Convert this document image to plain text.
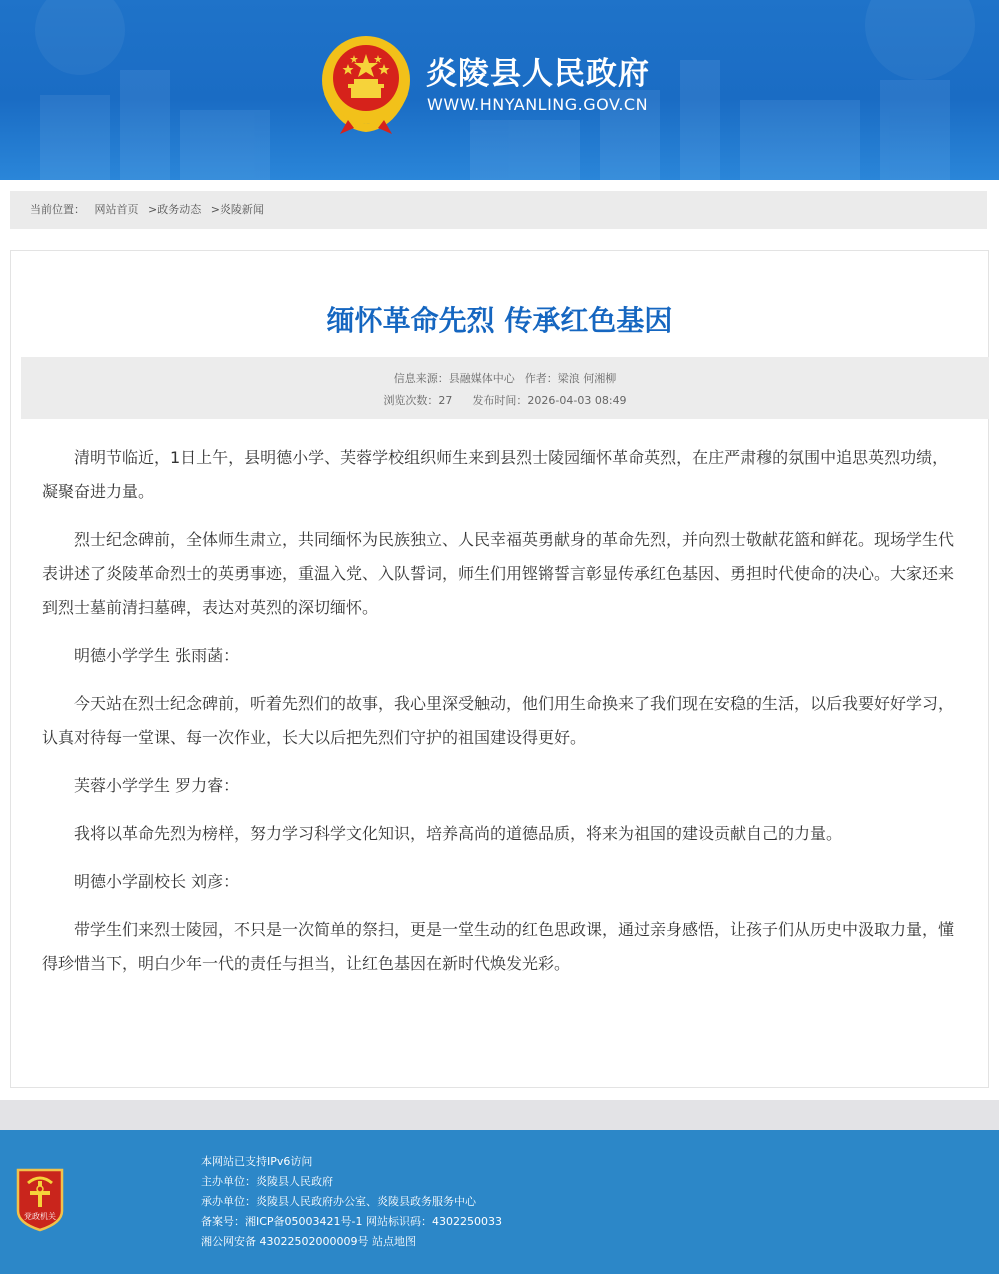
炎陵县人民政府
WWW.HNYANLING.GOV.CN
当前位置： 网站首页 >政务动态 >炎陵新闻
缅怀革命先烈 传承红色基因
信息来源：县融媒体中心 作者：梁浪 何湘柳
浏览次数：27 发布时间：2026-04-03 08:49

清明节临近，1日上午，县明德小学、芙蓉学校组织师生来到县烈士陵园缅怀革命英烈，在庄严肃穆的氛围中追思英烈功绩，凝聚奋进力量。

烈士纪念碑前，全体师生肃立，共同缅怀为民族独立、人民幸福英勇献身的革命先烈，并向烈士敬献花篮和鲜花。现场学生代表讲述了炎陵革命烈士的英勇事迹，重温入党、入队誓词，师生们用铿锵誓言彰显传承红色基因、勇担时代使命的决心。大家还来到烈士墓前清扫墓碑，表达对英烈的深切缅怀。

明德小学学生 张雨菡：

今天站在烈士纪念碑前，听着先烈们的故事，我心里深受触动，他们用生命换来了我们现在安稳的生活，以后我要好好学习，认真对待每一堂课、每一次作业，长大以后把先烈们守护的祖国建设得更好。

芙蓉小学学生 罗力睿：

我将以革命先烈为榜样，努力学习科学文化知识，培养高尚的道德品质，将来为祖国的建设贡献自己的力量。

明德小学副校长 刘彦：

带学生们来烈士陵园，不只是一次简单的祭扫，更是一堂生动的红色思政课，通过亲身感悟，让孩子们从历史中汲取力量，懂得珍惜当下，明白少年一代的责任与担当，让红色基因在新时代焕发光彩。

党政机关
本网站已支持IPv6访问
主办单位：炎陵县人民政府
承办单位：炎陵县人民政府办公室、炎陵县政务服务中心
备案号：湘ICP备05003421号-1 网站标识码：4302250033
湘公网安备 43022502000009号 站点地图
